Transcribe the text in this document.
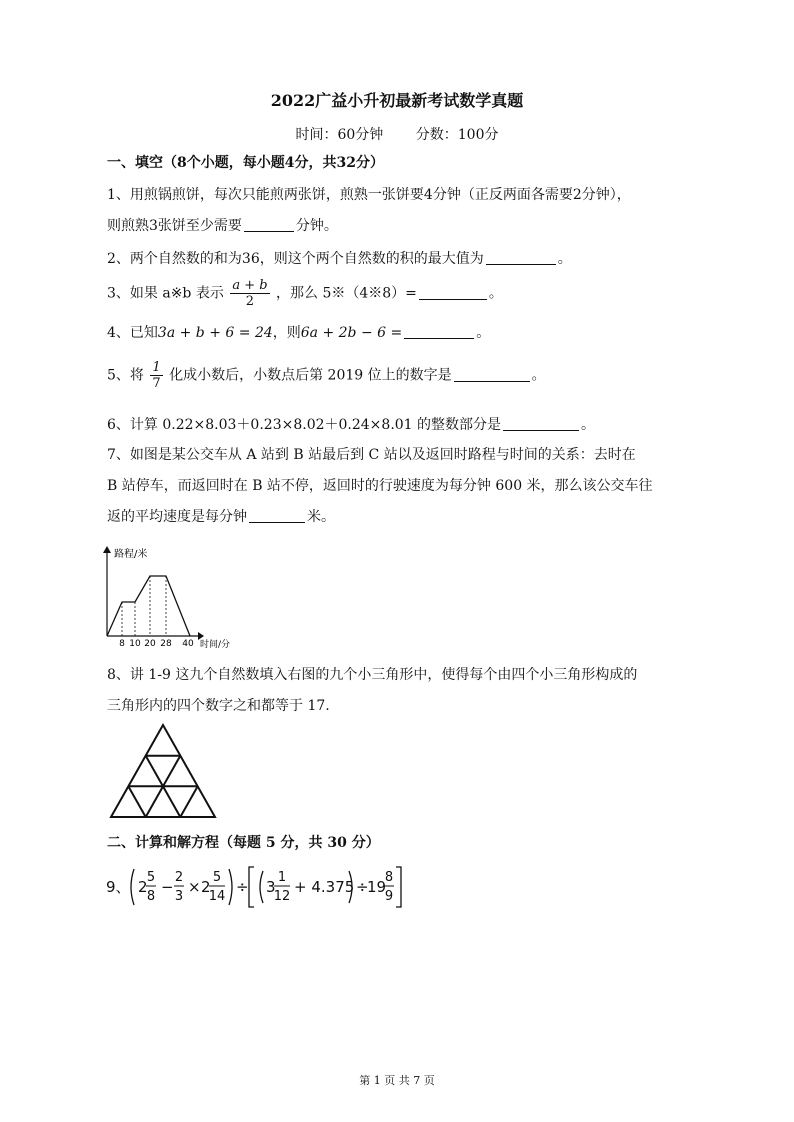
2022广益小升初最新考试数学真题
时间：60分钟 分数：100分
一、填空（8个小题，每小题4分，共32分）
1、用煎锅煎饼，每次只能煎两张饼，煎熟一张饼要4分钟（正反两面各需要2分钟），
则煎熟3张饼至少需要	分钟。
2、两个自然数的和为36，则这个两个自然数的积的最大值为	。
3、如果 a※b 表示 $\frac{a + b}{2}$ ，那么 5※（4※8）=	。
4、已知3a + b + 6 = 24，则6a + 2b − 6 =	。
5、将 $\frac{1}{7}$ 化成小数后，小数点后第 2019 位上的数字是	。
6、计算 0.22×8.03＋0.23×8.02＋0.24×8.01 的整数部分是	。
7、如图是某公交车从 A 站到 B 站最后到 C 站以及返回时路程与时间的关系：去时在
B 站停车，而返回时在 B 站不停，返回时的行驶速度为每分钟 600 米，那么该公交车往
返的平均速度是每分钟	米。
路程/米
8 10 20 28 40 时间/分
8、讲 1-9 这九个自然数填入右图的九个小三角形中，使得每个由四个小三角形构成的
三角形内的四个数字之和都等于 17.
二、计算和解方程（每题 5 分，共 30 分）
9、 2
5
8
−
2
3
× 2
5
14
÷ 3
1
12
+ 4.375 ÷
19
8
9
第 1 页 共 7 页
